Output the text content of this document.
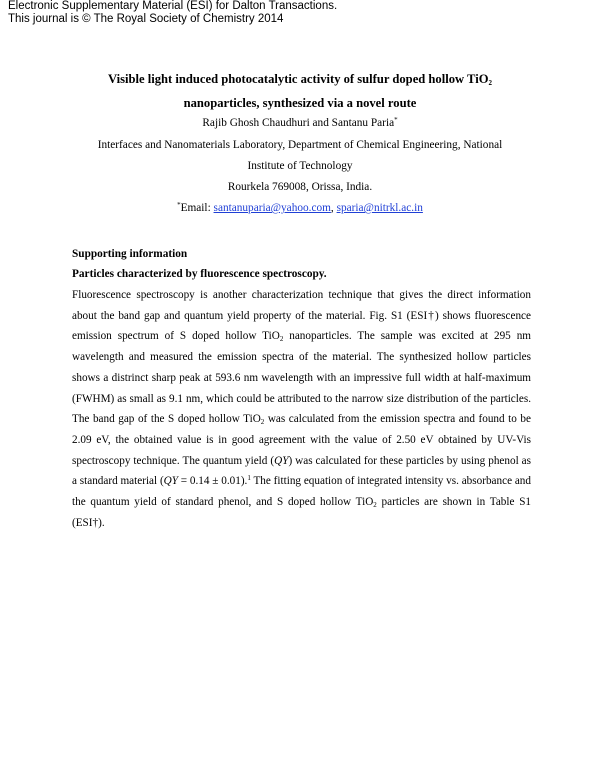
Electronic Supplementary Material (ESI) for Dalton Transactions.
This journal is © The Royal Society of Chemistry 2014
Visible light induced photocatalytic activity of sulfur doped hollow TiO$_2$
nanoparticles, synthesized via a novel route
Rajib Ghosh Chaudhuri and Santanu Paria*
Interfaces and Nanomaterials Laboratory, Department of Chemical Engineering, National
Institute of Technology
Rourkela 769008, Orissa, India.
*Email: santanuparia@yahoo.com, sparia@nitrkl.ac.in
Supporting information
Particles characterized by fluorescence spectroscopy.

Fluorescence spectroscopy is another characterization technique that gives the direct information about the band gap and quantum yield property of the material. Fig. S1 (ESI†) shows fluorescence emission spectrum of S doped hollow TiO$_2$ nanoparticles. The sample was excited at 295 nm wavelength and measured the emission spectra of the material. The synthesized hollow particles shows a distrinct sharp peak at 593.6 nm wavelength with an impressive full width at half-maximum (FWHM) as small as 9.1 nm, which could be attributed to the narrow size distribution of the particles. The band gap of the S doped hollow TiO$_2$ was calculated from the emission spectra and found to be 2.09 eV, the obtained value is in good agreement with the value of 2.50 eV obtained by UV-Vis spectroscopy technique. The quantum yield (QY) was calculated for these particles by using phenol as a standard material (QY = 0.14 ± 0.01).$^1$ The fitting equation of integrated intensity vs. absorbance and the quantum yield of standard phenol, and S doped hollow TiO$_2$ particles are shown in Table S1 (ESI†).
